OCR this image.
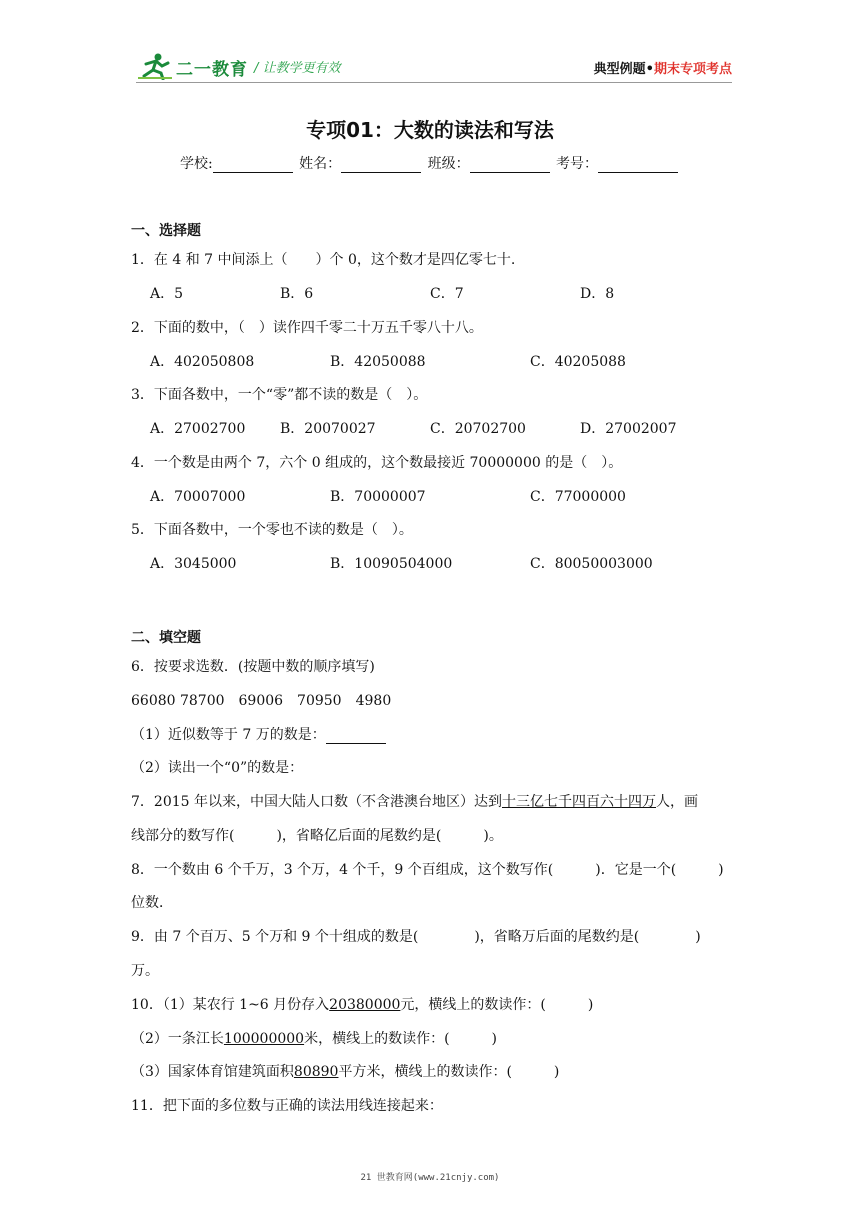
二一教育 / 让教学更有效	典型例题•期末专项考点
专项01：大数的读法和写法
学校:	姓名：	班级：	考号：
一、选择题
1．在 4 和 7 中间添上（　　）个 0，这个数才是四亿零七十.
A．5	B．6	C．7	D．8
2．下面的数中，（　）读作四千零二十万五千零八十八。
A．402050808	B．42050088	C．40205088
3．下面各数中，一个“零”都不读的数是（　）。
A．27002700 B．20070027	C．20702700	D．27002007
4．一个数是由两个 7，六个 0 组成的，这个数最接近 70000000 的是（　）。
A．70007000	B．70000007	C．77000000
5．下面各数中，一个零也不读的数是（　）。
A．3045000	B．10090504000	C．80050003000
二、填空题
6．按要求选数．(按题中数的顺序填写)
66080 78700　69006　70950　4980
（1）近似数等于 7 万的数是：
（2）读出一个“0”的数是：
7．2015 年以来，中国大陆人口数（不含港澳台地区）达到十三亿七千四百六十四万人，画
线部分的数写作(　　　)，省略亿后面的尾数约是(　　　)。
8．一个数由 6 个千万，3 个万，4 个千，9 个百组成，这个数写作(　　　)．它是一个(　　　)
位数．
9．由 7 个百万、5 个万和 9 个十组成的数是(　　　　)，省略万后面的尾数约是(　　　　)
万。
10．（1）某农行 1~6 月份存入20380000元，横线上的数读作：(　　　)
（2）一条江长100000000米，横线上的数读作：(　　　)
（3）国家体育馆建筑面积80890平方米，横线上的数读作：(　　　)
11．把下面的多位数与正确的读法用线连接起来：
21 世教育网(www.21cnjy.com)
